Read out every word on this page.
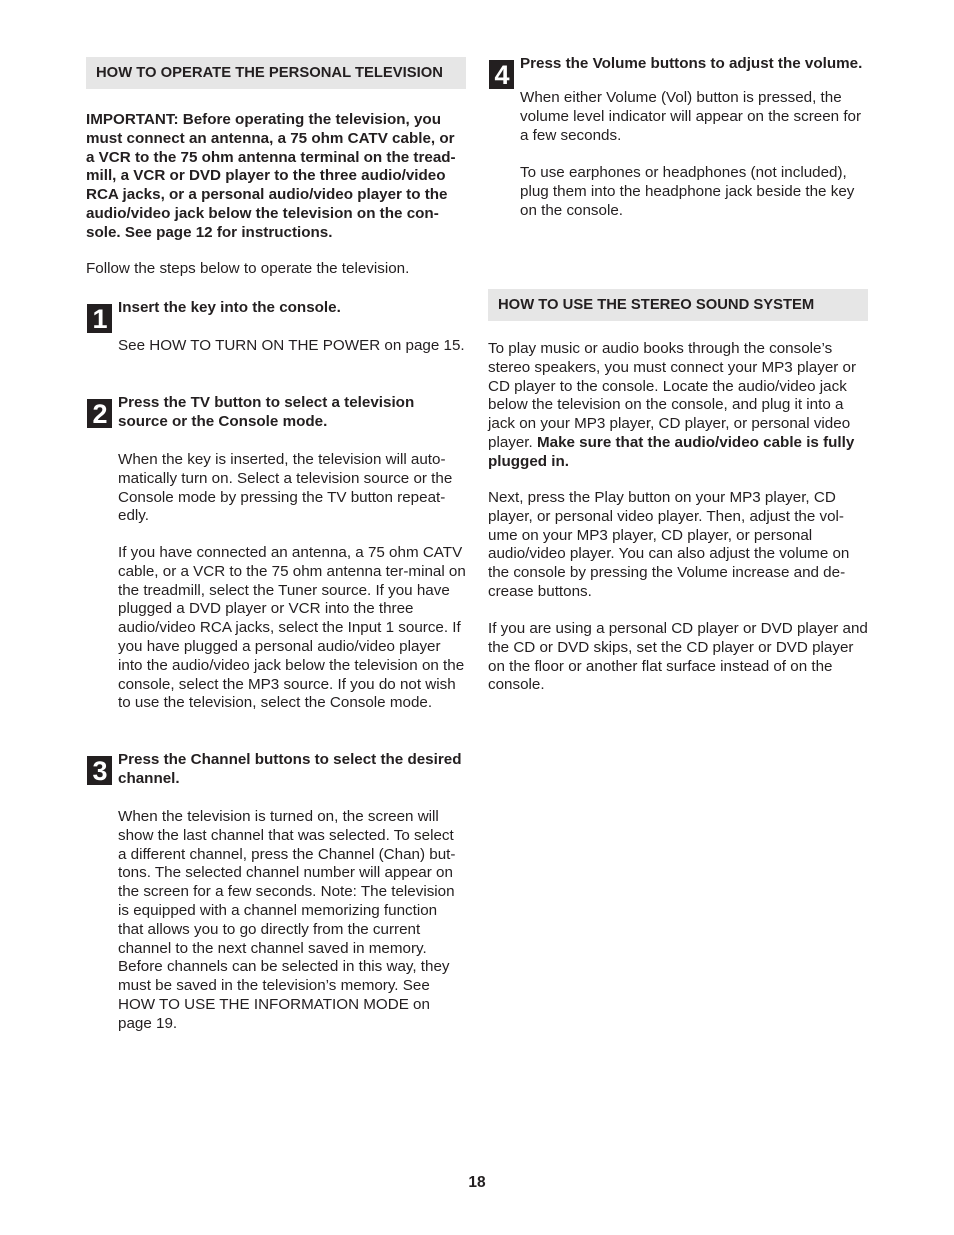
HOW TO OPERATE THE PERSONAL TELEVISION

IMPORTANT: Before operating the television, you must connect an antenna, a 75 ohm CATV cable, or a VCR to the 75 ohm antenna terminal on the tread-mill, a VCR or DVD player to the three audio/video RCA jacks, or a personal audio/video player to the audio/video jack below the television on the con-sole. See page 12 for instructions.

Follow the steps below to operate the television.

1 Insert the key into the console.

See HOW TO TURN ON THE POWER on page 15.

2 Press the TV button to select a television source or the Console mode.

When the key is inserted, the television will auto-matically turn on. Select a television source or the Console mode by pressing the TV button repeat-edly.

If you have connected an antenna, a 75 ohm CATV cable, or a VCR to the 75 ohm antenna ter-minal on the treadmill, select the Tuner source. If you have plugged a DVD player or VCR into the three audio/video RCA jacks, select the Input 1 source. If you have plugged a personal audio/video player into the audio/video jack below the television on the console, select the MP3 source. If you do not wish to use the television, select the Console mode.

3 Press the Channel buttons to select the desired channel.

When the television is turned on, the screen will show the last channel that was selected. To select a different channel, press the Channel (Chan) but-tons. The selected channel number will appear on the screen for a few seconds. Note: The television is equipped with a channel memorizing function that allows you to go directly from the current channel to the next channel saved in memory. Before channels can be selected in this way, they must be saved in the television’s memory. See HOW TO USE THE INFORMATION MODE on page 19.

4 Press the Volume buttons to adjust the volume.

When either Volume (Vol) button is pressed, the volume level indicator will appear on the screen for a few seconds.

To use earphones or headphones (not included), plug them into the headphone jack beside the key on the console.

HOW TO USE THE STEREO SOUND SYSTEM

To play music or audio books through the console’s stereo speakers, you must connect your MP3 player or CD player to the console. Locate the audio/video jack below the television on the console, and plug it into a jack on your MP3 player, CD player, or personal video player. Make sure that the audio/video cable is fully plugged in.

Next, press the Play button on your MP3 player, CD player, or personal video player. Then, adjust the vol-ume on your MP3 player, CD player, or personal audio/video player. You can also adjust the volume on the console by pressing the Volume increase and de-crease buttons.

If you are using a personal CD player or DVD player and the CD or DVD skips, set the CD player or DVD player on the floor or another flat surface instead of on the console.

18
